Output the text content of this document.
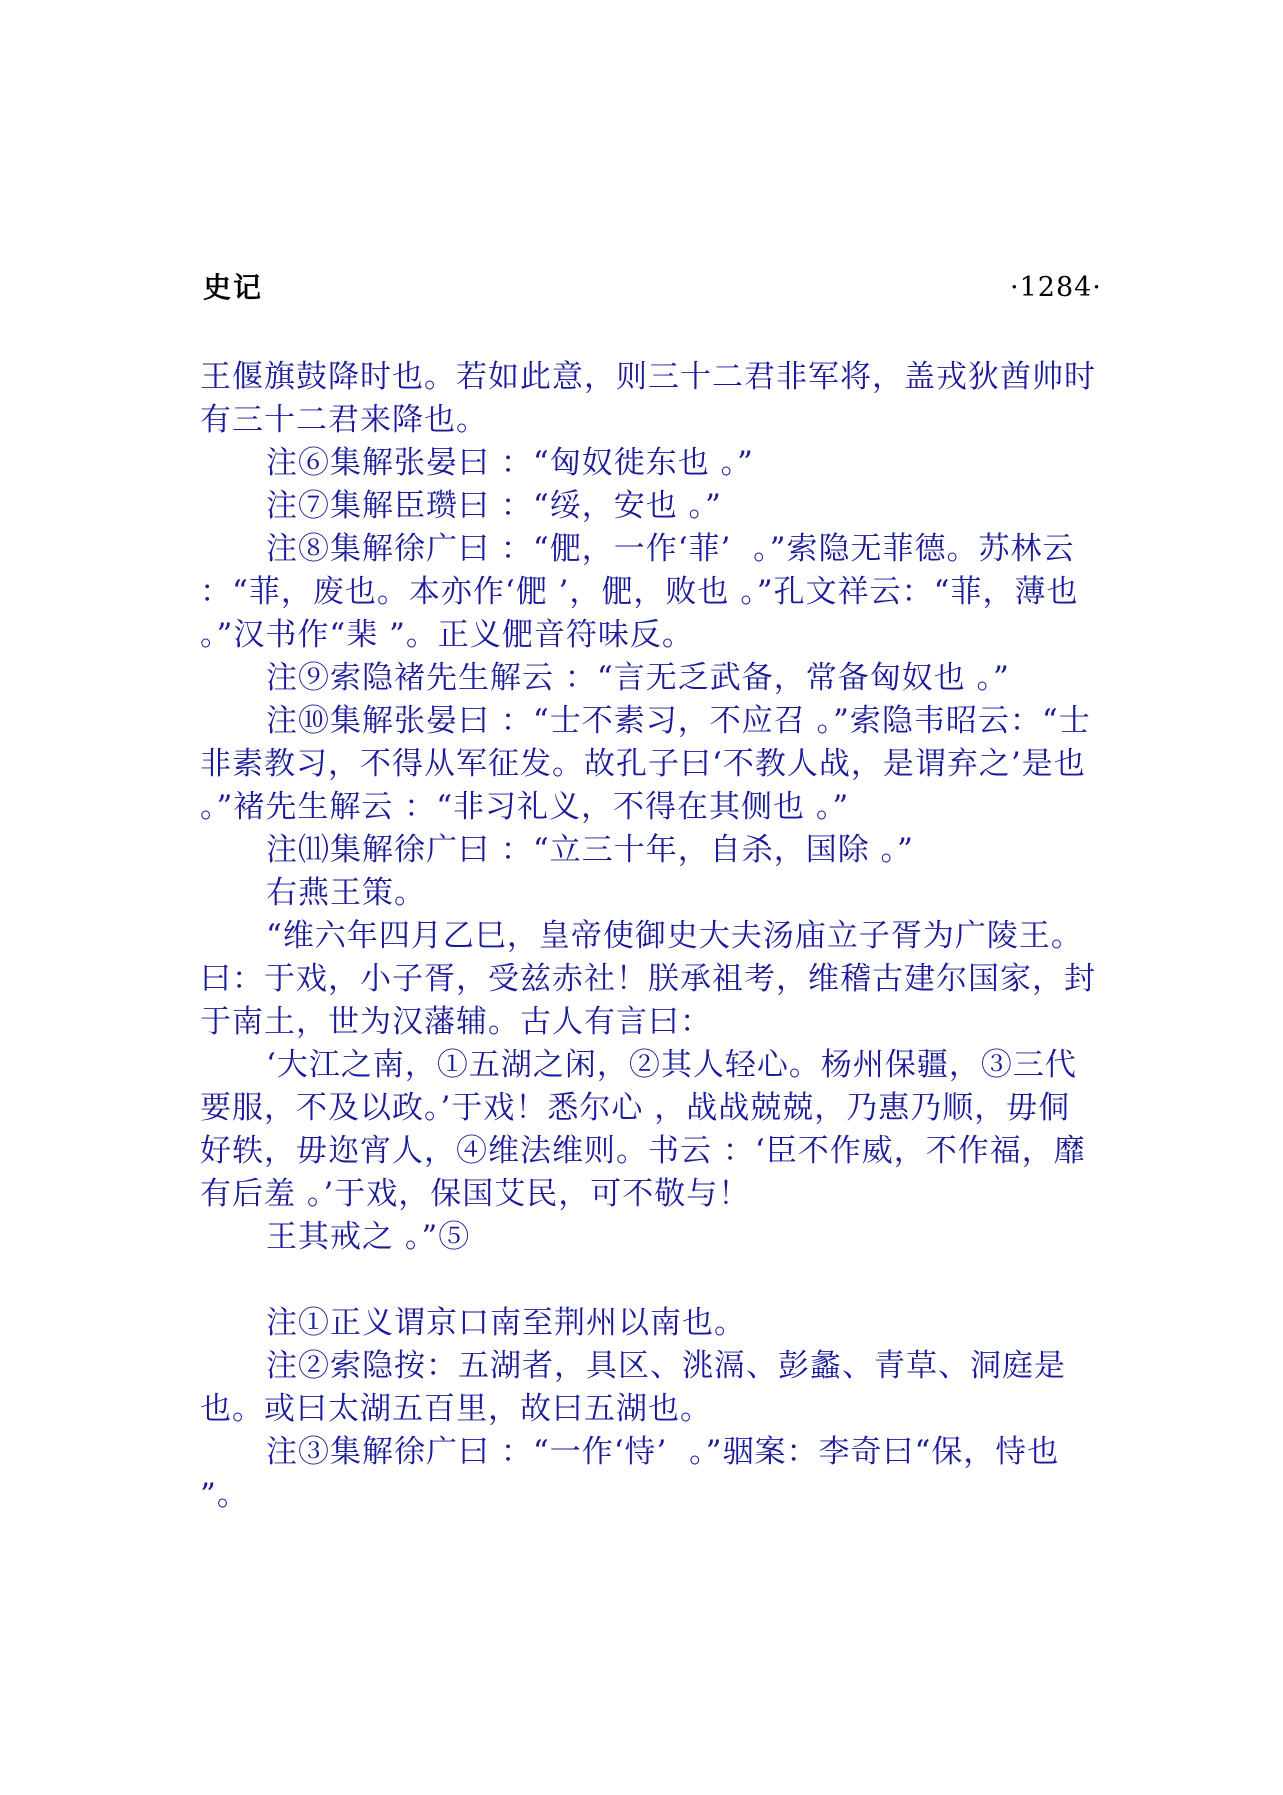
史记	·1284·

王偃旗鼓降时也。若如此意，则三十二君非军将，盖戎狄酋帅时有三十二君来降也。

注⑥集解张晏曰 ：“匈奴徙东也 。”

注⑦集解臣瓒曰 ：“绥，安也 。”

注⑧集解徐广曰 ：“俷，一作‘菲’  。”索隐无菲德。苏林云 ：“菲，废也。本亦作‘俷 ’，俷，败也 。”孔文祥云：“菲，薄也 。”汉书作“棐 ”。正义俷音符味反。

注⑨索隐褚先生解云 ：“言无乏武备，常备匈奴也 。”

注⑩集解张晏曰 ：“士不素习，不应召 。”索隐韦昭云：“士非素教习，不得从军征发。故孔子曰‘不教人战，是谓弃之’是也 。”褚先生解云 ：“非习礼义，不得在其侧也 。”

注⑾集解徐广曰 ：“立三十年，自杀，国除 。”

右燕王策。

“维六年四月乙巳，皇帝使御史大夫汤庙立子胥为广陵王。曰：于戏，小子胥，受兹赤社！朕承祖考，维稽古建尔国家，封于南土，世为汉藩辅。古人有言曰：

‘大江之南，①五湖之闲，②其人轻心。杨州保疆，③三代要服，不及以政。’于戏！悉尔心 ，战战兢兢，乃惠乃顺，毋侗好轶，毋迩宵人，④维法维则。书云 ：‘臣不作威，不作福，靡有后羞 。’于戏，保国艾民，可不敬与！

王其戒之 。”⑤

注①正义谓京口南至荆州以南也。

注②索隐按：五湖者，具区、洮滆、彭蠡、青草、洞庭是也。或曰太湖五百里，故曰五湖也。

注③集解徐广曰 ：“一作‘恃’  。”骃案：李奇曰“保，恃也 ”。
